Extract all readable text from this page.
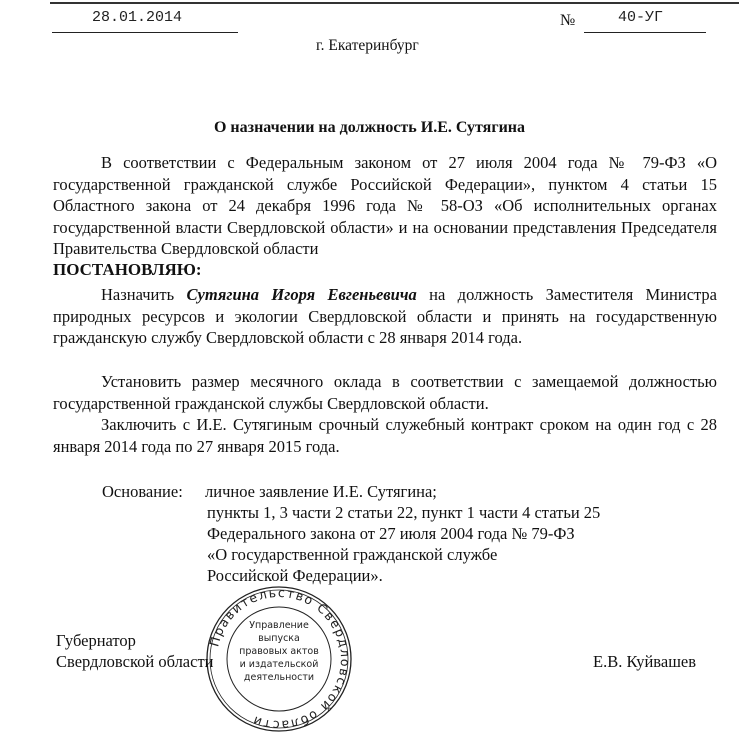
28.01.2014	№	40-УГ
г. Екатеринбург
О назначении на должность И.Е. Сутягина
В соответствии с Федеральным законом от 27 июля 2004 года № 79-ФЗ «О государственной гражданской службе Российской Федерации», пунктом 4 статьи 15 Областного закона от 24 декабря 1996 года № 58-ОЗ «Об исполнительных органах государственной власти Свердловской области» и на основании представления Председателя Правительства Свердловской области
ПОСТАНОВЛЯЮ:
Назначить Сутягина Игоря Евгеньевича на должность Заместителя Министра природных ресурсов и экологии Свердловской области и принять на государственную гражданскую службу Свердловской области с 28 января 2014 года.
Установить размер месячного оклада в соответствии с замещаемой должностью государственной гражданской службы Свердловской области.
Заключить с И.Е. Сутягиным срочный служебный контракт сроком на один год с 28 января 2014 года по 27 января 2015 года.
Основание: личное заявление И.Е. Сутягина;
пункты 1, 3 части 2 статьи 22, пункт 1 части 4 статьи 25
Федерального закона от 27 июля 2004 года № 79-ФЗ
«О государственной гражданской службе
Российской Федерации».
Правительство Свердловской области
Управление
выпуска
правовых актов
и издательской
деятельности
Губернатор
Свердловской области	Е.В. Куйвашев
